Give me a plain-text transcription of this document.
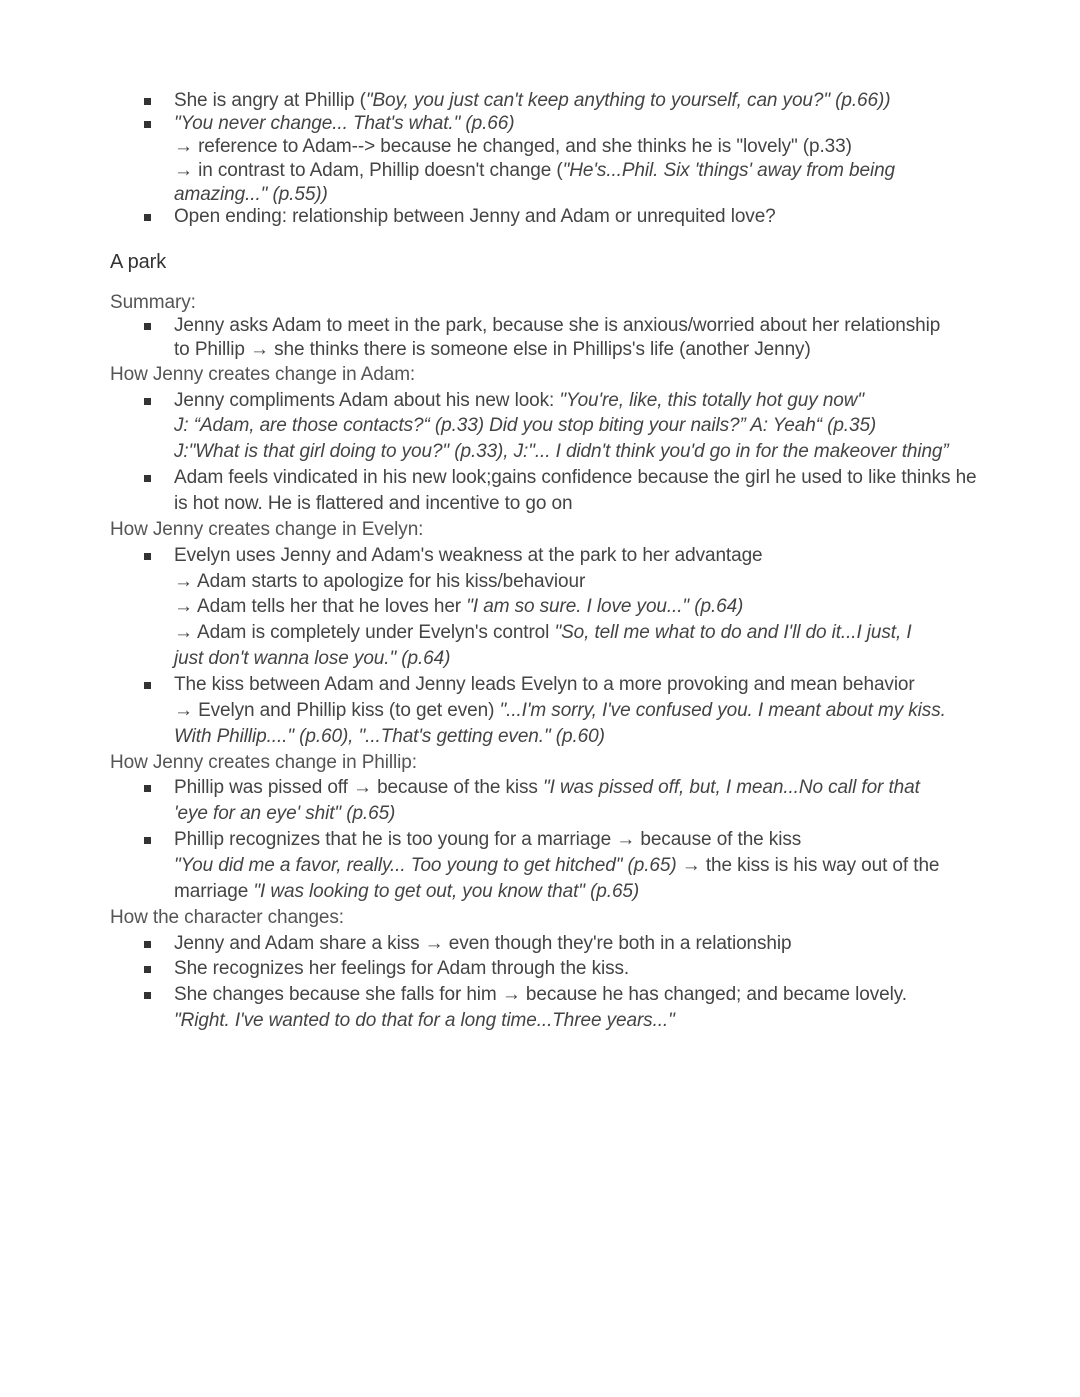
She is angry at Phillip ("Boy, you just can't keep anything to yourself, can you?" (p.66))
"You never change... That's what." (p.66)
→ reference to Adam--> because he changed, and she thinks he is "lovely" (p.33)
→ in contrast to Adam, Phillip doesn't change ("He's...Phil. Six 'things' away from being
amazing..." (p.55))
Open ending: relationship between Jenny and Adam or unrequited love?
A park
Summary:
Jenny asks Adam to meet in the park, because she is anxious/worried about her relationship
to Phillip → she thinks there is someone else in Phillips's life (another Jenny)
How Jenny creates change in Adam:
Jenny compliments Adam about his new look: "You're, like, this totally hot guy now"
J: “Adam, are those contacts?“ (p.33) Did you stop biting your nails?” A: Yeah“ (p.35)
J:"What is that girl doing to you?" (p.33), J:"... I didn't think you'd go in for the makeover thing”
Adam feels vindicated in his new look;gains confidence because the girl he used to like thinks he
is hot now. He is flattered and incentive to go on
How Jenny creates change in Evelyn:
Evelyn uses Jenny and Adam's weakness at the park to her advantage
→ Adam starts to apologize for his kiss/behaviour
→ Adam tells her that he loves her "I am so sure. I love you..." (p.64)
→ Adam is completely under Evelyn's control "So, tell me what to do and I'll do it...I just, I
just don't wanna lose you." (p.64)
The kiss between Adam and Jenny leads Evelyn to a more provoking and mean behavior
→ Evelyn and Phillip kiss (to get even) "...I'm sorry, I've confused you. I meant about my kiss.
With Phillip...." (p.60), "...That's getting even." (p.60)
How Jenny creates change in Phillip:
Phillip was pissed off → because of the kiss "I was pissed off, but, I mean...No call for that
'eye for an eye' shit" (p.65)
Phillip recognizes that he is too young for a marriage → because of the kiss
"You did me a favor, really... Too young to get hitched" (p.65) → the kiss is his way out of the
marriage "I was looking to get out, you know that" (p.65)
How the character changes:
Jenny and Adam share a kiss → even though they're both in a relationship
She recognizes her feelings for Adam through the kiss.
She changes because she falls for him → because he has changed; and became lovely.
"Right. I've wanted to do that for a long time...Three years..."
